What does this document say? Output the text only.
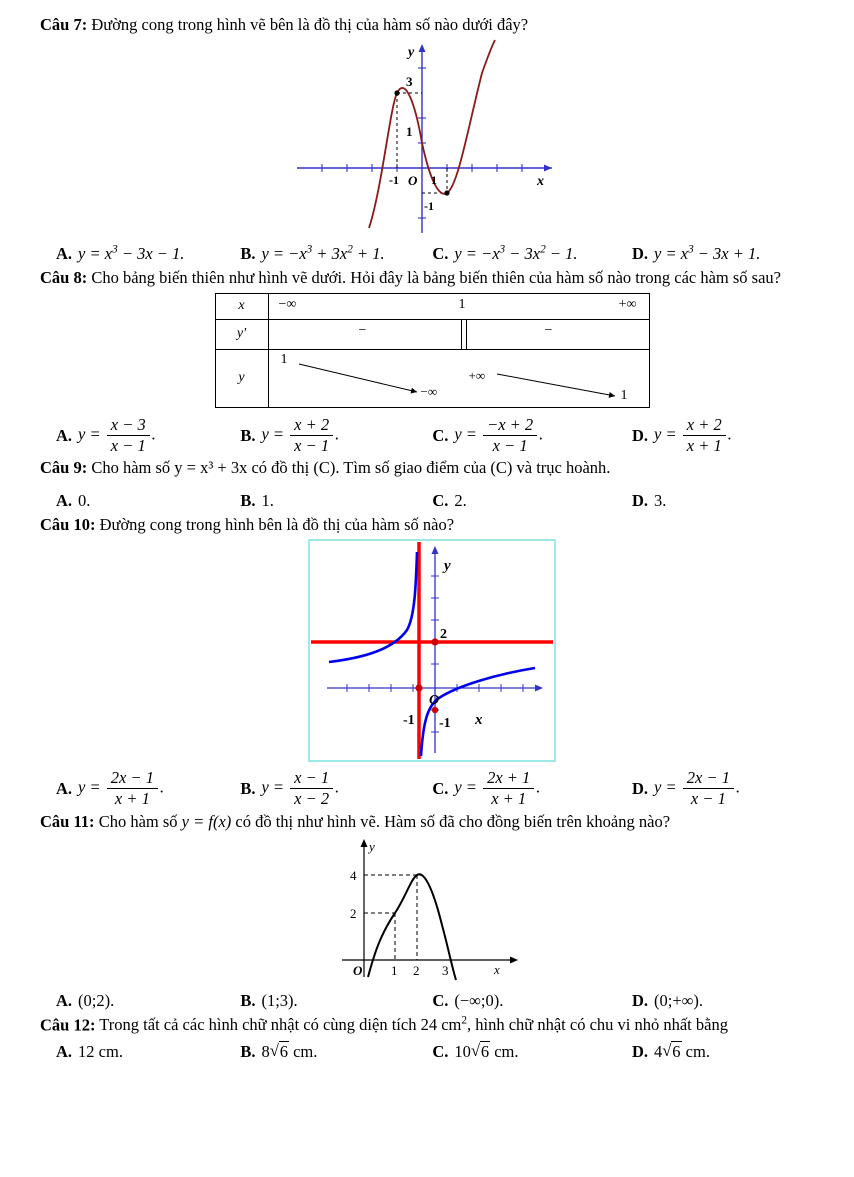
Câu 7: Đường cong trong hình vẽ bên là đồ thị của hàm số nào dưới đây?

3
1
-1	1
O
-1
x
y
A. $y = x^3 - 3x - 1$.	B. $y = -x^3 + 3x^2 + 1$.	C. $y = -x^3 - 3x^2 - 1$.	D. $y = x^3 - 3x + 1$.

Câu 8: Cho bảng biến thiên như hình vẽ dưới. Hỏi đây là bảng biến thiên của hàm số nào trong các hàm số sau?

x	−∞ 1 +∞

y'	− −

y	1
−∞
+∞
1
A. $y = \frac{x - 3}{x - 1}$ .	B. $y = \frac{x + 2}{x - 1}$ .	C. $y = \frac{-x + 2}{x - 1}$ .	D. $y = \frac{x + 2}{x + 1}$ .

Câu 9: Cho hàm số y = x³ + 3x có đồ thị (C). Tìm số giao điểm của (C) và trục hoành.

A. 0.	B. 1.	C. 2.	D. 3.

Câu 10: Đường cong trong hình bên là đồ thị của hàm số nào?

2
O
-1 -1 x
y
A. $y = \frac{2x - 1}{x + 1}$ .	B. $y = \frac{x - 1}{x - 2}$ .	C. $y = \frac{2x + 1}{x + 1}$ .	D. $y = \frac{2x - 1}{x - 1}$ .

Câu 11: Cho hàm số y = f(x) có đồ thị như hình vẽ. Hàm số đã cho đồng biến trên khoảng nào?

4
2
O 1 2 3	x
y
A. (0;2).	B. (1;3).	C. (−∞;0).	D. (0;+∞).

Câu 12: Trong tất cả các hình chữ nhật có cùng diện tích 24 $cm^2$, hình chữ nhật có chu vi nhỏ nhất bằng

A. 12 cm.	B. 8 √ 6 cm.	C. 10 √ 6 cm.	D. 4 √ 6 cm.
